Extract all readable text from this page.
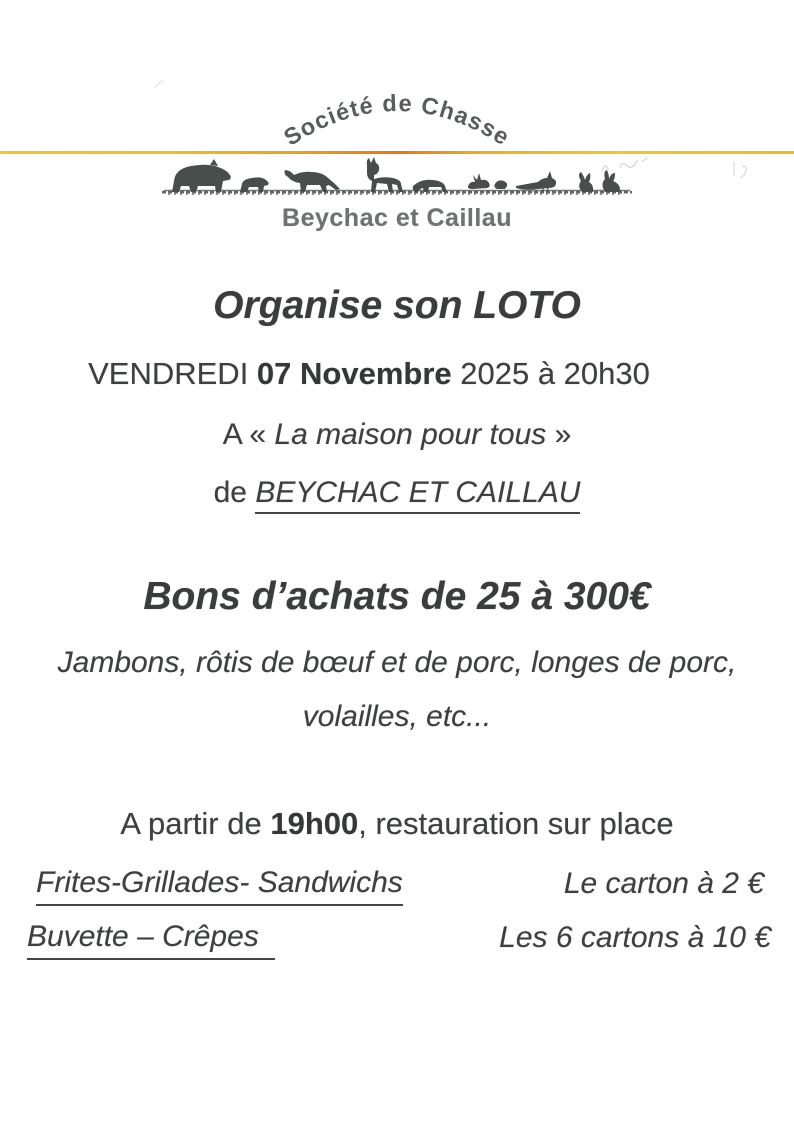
Société de Chasse
Beychac et Caillau
Organise son LOTO
VENDREDI 07 Novembre 2025 à 20h30
A « La maison pour tous »
de BEYCHAC ET CAILLAU
Bons d’achats de 25 à 300€
Jambons, rôtis de bœuf et de porc, longes de porc,
volailles, etc...
A partir de 19h00, restauration sur place
Frites-Grillades- Sandwichs	Le carton à 2 €
Buvette – Crêpes	Les 6 cartons à 10 €
